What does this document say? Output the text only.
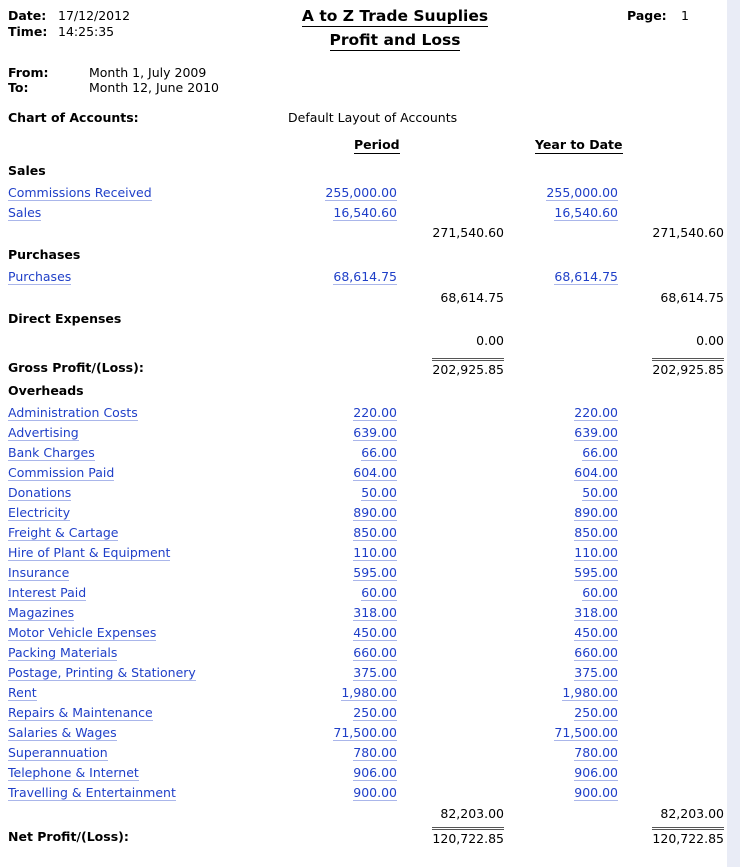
Date: 17/12/2012
Time: 14:25:35
A to Z Trade Suuplies
Profit and Loss
Page: 1
From:	Month 1, July 2009
To:	Month 12, June 2010
Chart of Accounts:	Default Layout of Accounts
Period	Year to Date
Sales
Commissions Received	255,000.00	255,000.00
Sales	16,540.60	16,540.60
271,540.60	271,540.60
Purchases
Purchases	68,614.75	68,614.75
68,614.75	68,614.75
Direct Expenses
0.00	0.00
Gross Profit/(Loss):	202,925.85	202,925.85
Overheads
Administration Costs	220.00	220.00
Advertising	639.00	639.00
Bank Charges	66.00	66.00
Commission Paid	604.00	604.00
Donations	50.00	50.00
Electricity	890.00	890.00
Freight & Cartage	850.00	850.00
Hire of Plant & Equipment	110.00	110.00
Insurance	595.00	595.00
Interest Paid	60.00	60.00
Magazines	318.00	318.00
Motor Vehicle Expenses	450.00	450.00
Packing Materials	660.00	660.00
Postage, Printing & Stationery	375.00	375.00
Rent	1,980.00	1,980.00
Repairs & Maintenance	250.00	250.00
Salaries & Wages	71,500.00	71,500.00
Superannuation	780.00	780.00
Telephone & Internet	906.00	906.00
Travelling & Entertainment	900.00	900.00
82,203.00	82,203.00
Net Profit/(Loss):	120,722.85	120,722.85
